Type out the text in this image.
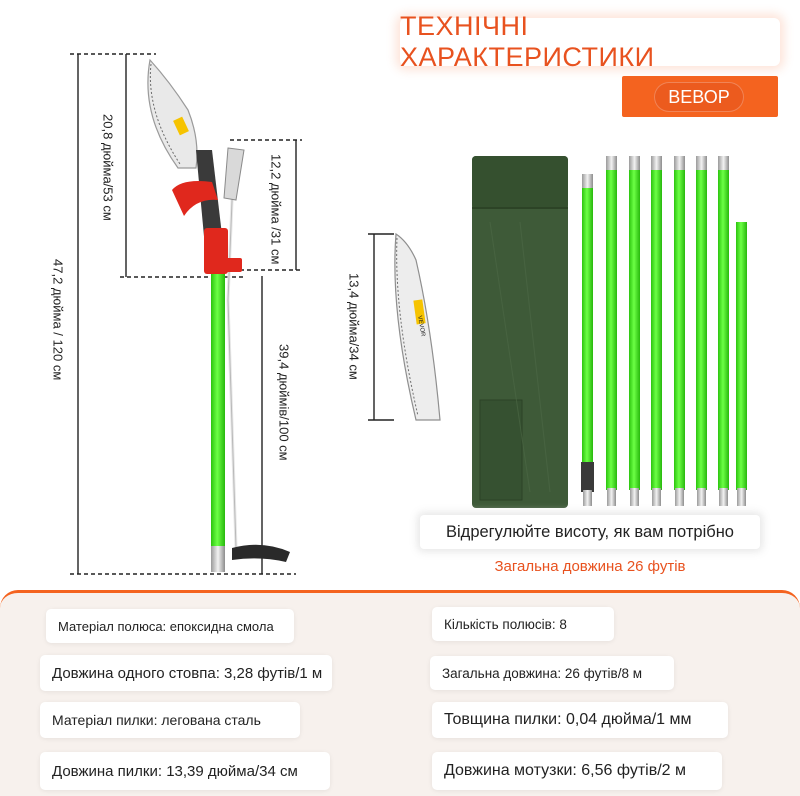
ТЕХНІЧНІ ХАРАКТЕРИСТИКИ
ВЕВОР
47,2 дюйма / 120 см
20,8 дюйма/53 см	12,2 дюйма /31 см
39,4 дюймів/100 см
VEVOR
13,4 дюйма/34 см
Відрегулюйте висоту, як вам потрібно
Загальна довжина 26 футів
Матеріал полюса: епоксидна смола	Кількість полюсів: 8
Довжина одного стовпа: 3,28 футів/1 м	Загальна довжина: 26 футів/8 м
Матеріал пилки: легована сталь	Товщина пилки: 0,04 дюйма/1 мм
Довжина пилки: 13,39 дюйма/34 см	Довжина мотузки: 6,56 футів/2 м
